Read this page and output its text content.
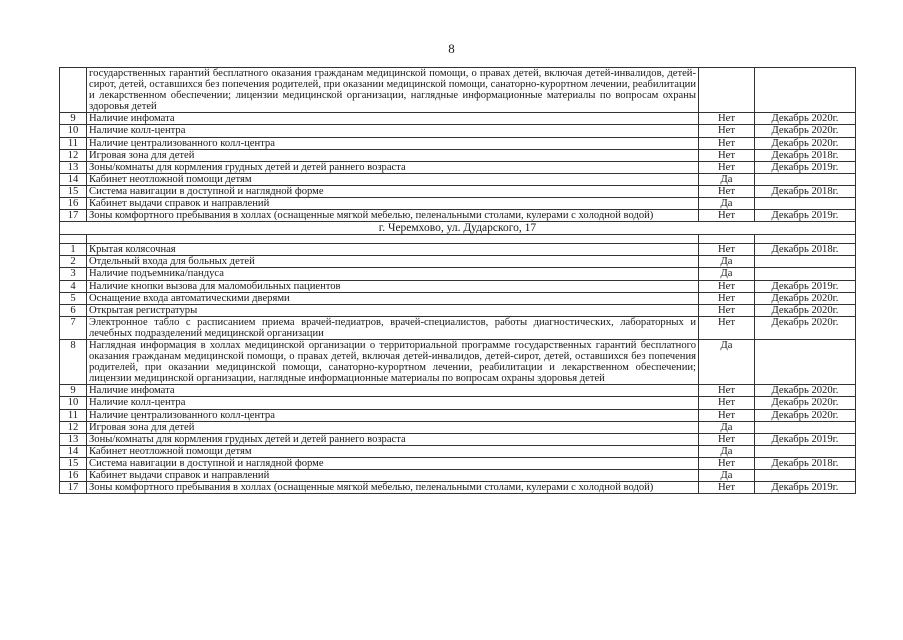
8
	государственных гарантий бесплатного оказания гражданам медицинской помощи, о правах детей, включая детей-инвалидов, детей-сирот, детей, оставшихся без попечения родителей, при оказании медицинской помощи, санаторно-курортном лечении, реабилитации и лекарственном обеспечении; лицензии медицинской организации, наглядные информационные материалы по вопросам охраны здоровья детей		
9	Наличие инфомата	Нет	Декабрь 2020г.
10	Наличие колл-центра	Нет	Декабрь 2020г.
11	Наличие централизованного колл-центра	Нет	Декабрь 2020г.
12	Игровая зона для детей	Нет	Декабрь 2018г.
13	Зоны/комнаты для кормления грудных детей и детей раннего возраста	Нет	Декабрь 2019г.
14	Кабинет неотложной помощи детям	Да	
15	Система навигации в доступной и наглядной форме	Нет	Декабрь 2018г.
16	Кабинет выдачи справок и направлений	Да	
17	Зоны комфортного пребывания в холлах (оснащенные мягкой мебелью, пеленальными столами, кулерами с холодной водой)	Нет	Декабрь 2019г.
г. Черемхово, ул. Дударского, 17			

1	Крытая колясочная	Нет	Декабрь 2018г.
2	Отдельный входа для больных детей	Да	
3	Наличие подъемника/пандуса	Да	
4	Наличие кнопки вызова для маломобильных пациентов	Нет	Декабрь 2019г.
5	Оснащение входа автоматическими дверями	Нет	Декабрь 2020г.
6	Открытая регистратуры	Нет	Декабрь 2020г.
7	Электронное табло с расписанием приема врачей-педиатров, врачей-специалистов, работы диагностических, лабораторных и лечебных подразделений медицинской организации	Нет	Декабрь 2020г.
8	Наглядная информация в холлах медицинской организации о территориальной программе государственных гарантий бесплатного оказания гражданам медицинской помощи, о правах детей, включая детей-инвалидов, детей-сирот, детей, оставшихся без попечения родителей, при оказании медицинской помощи, санаторно-курортном лечении, реабилитации и лекарственном обеспечении; лицензии медицинской организации, наглядные информационные материалы по вопросам охраны здоровья детей	Да	
9	Наличие инфомата	Нет	Декабрь 2020г.
10	Наличие колл-центра	Нет	Декабрь 2020г.
11	Наличие централизованного колл-центра	Нет	Декабрь 2020г.
12	Игровая зона для детей	Да	
13	Зоны/комнаты для кормления грудных детей и детей раннего возраста	Нет	Декабрь 2019г.
14	Кабинет неотложной помощи детям	Да	
15	Система навигации в доступной и наглядной форме	Нет	Декабрь 2018г.
16	Кабинет выдачи справок и направлений	Да	
17	Зоны комфортного пребывания в холлах (оснащенные мягкой мебелью, пеленальными столами, кулерами с холодной водой)	Нет	Декабрь 2019г.
